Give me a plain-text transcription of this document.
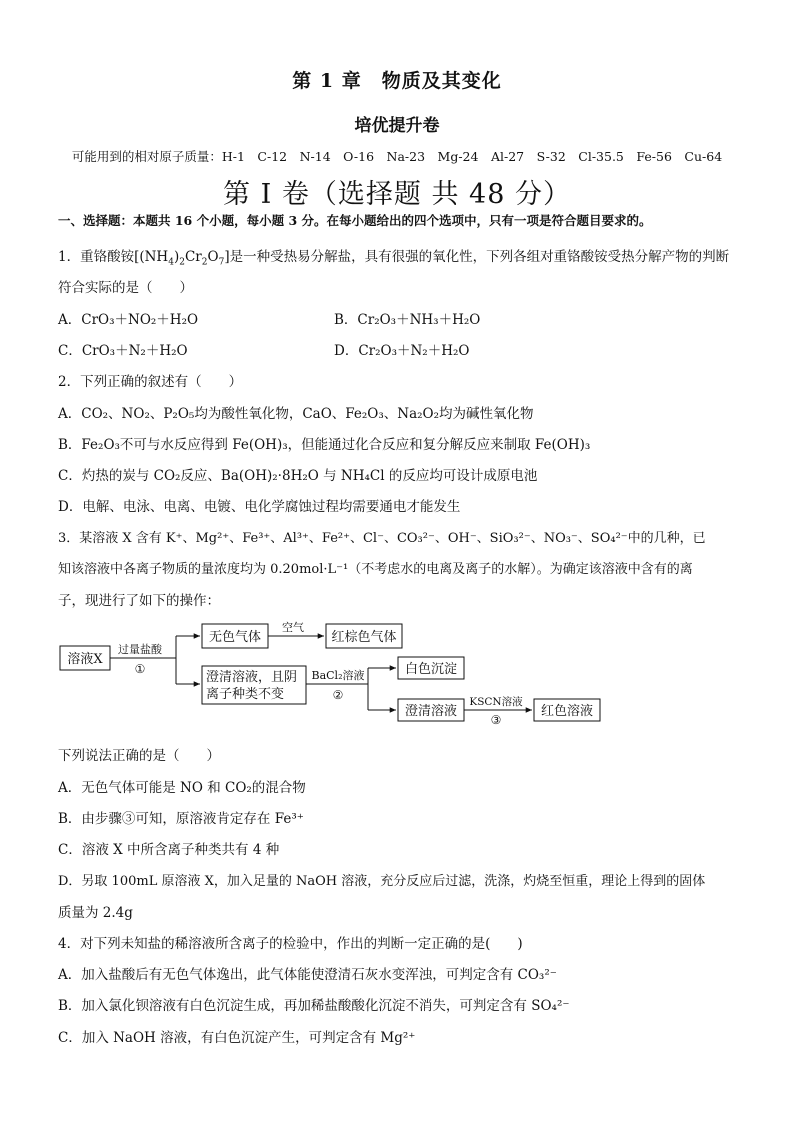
第 1 章　物质及其变化
培优提升卷
可能用到的相对原子质量：H-1　C-12　N-14　O-16　Na-23　Mg-24　Al-27　S-32　Cl-35.5　Fe-56　Cu-64
第 I 卷（选择题 共 48 分）
一、选择题：本题共 16 个小题，每小题 3 分。在每小题给出的四个选项中，只有一项是符合题目要求的。
1．重铬酸铵$[(NH_4)_2Cr_2O_7]$是一种受热易分解盐，具有很强的氧化性，下列各组对重铬酸铵受热分解产物的判断
符合实际的是（　　）
A．CrO₃＋NO₂＋H₂O	B．Cr₂O₃＋NH₃＋H₂O
C．CrO₃＋N₂＋H₂O	D．Cr₂O₃＋N₂＋H₂O
2．下列正确的叙述有（　　）
A．CO₂、NO₂、P₂O₅均为酸性氧化物，CaO、Fe₂O₃、Na₂O₂均为碱性氧化物
B．Fe₂O₃不可与水反应得到 Fe(OH)₃，但能通过化合反应和复分解反应来制取 Fe(OH)₃
C．灼热的炭与 CO₂反应、Ba(OH)₂·8H₂O 与 NH₄Cl 的反应均可设计成原电池
D．电解、电泳、电离、电镀、电化学腐蚀过程均需要通电才能发生
3．某溶液 X 含有 K⁺、Mg²⁺、Fe³⁺、Al³⁺、Fe²⁺、Cl⁻、CO₃²⁻、OH⁻、SiO₃²⁻、NO₃⁻、SO₄²⁻中的几种，已
知该溶液中各离子物质的量浓度均为 0.20mol·L⁻¹（不考虑水的电离及离子的水解）。为确定该溶液中含有的离
子，现进行了如下的操作：
溶液X
过量盐酸
①
无色气体
空气
红棕色气体
澄清溶液，且阴
离子种类不变
BaCl₂溶液
②
白色沉淀
澄清溶液
KSCN溶液
③
红色溶液
下列说法正确的是（　　）
A．无色气体可能是 NO 和 CO₂的混合物
B．由步骤③可知，原溶液肯定存在 Fe³⁺
C．溶液 X 中所含离子种类共有 4 种
D．另取 100mL 原溶液 X，加入足量的 NaOH 溶液，充分反应后过滤，洗涤，灼烧至恒重，理论上得到的固体
质量为 2.4g
4．对下列未知盐的稀溶液所含离子的检验中，作出的判断一定正确的是(　　)
A．加入盐酸后有无色气体逸出，此气体能使澄清石灰水变浑浊，可判定含有 CO₃²⁻
B．加入氯化钡溶液有白色沉淀生成，再加稀盐酸酸化沉淀不消失，可判定含有 SO₄²⁻
C．加入 NaOH 溶液，有白色沉淀产生，可判定含有 Mg²⁺
